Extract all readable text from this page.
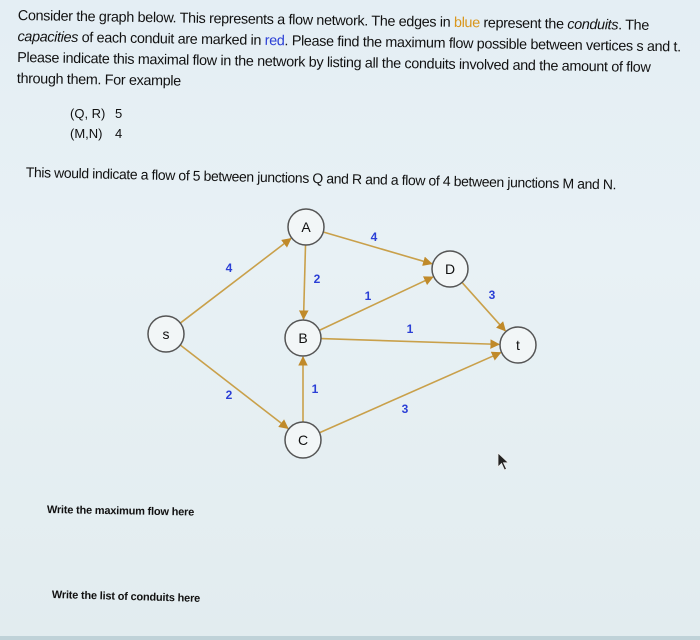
Consider the graph below. This represents a flow network. The edges in blue represent the conduits. The capacities of each conduit are marked in red. Please find the maximum flow possible between vertices s and t. Please indicate this maximal flow in the network by listing all the conduits involved and the amount of flow through them. For example
(Q, R) 5
(M,N) 4
This would indicate a flow of 5 between junctions Q and R and a flow of 4 between junctions M and N.
4
2
2
4
1
1
1
3
3
A
s	B
D
t
C
Write the maximum flow here
Write the list of conduits here
